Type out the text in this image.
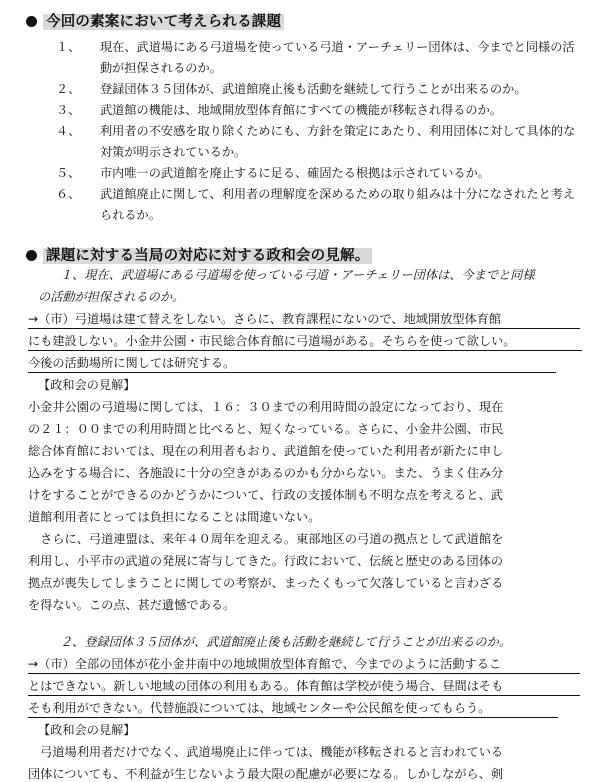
今回の素案において考えられる課題
１、 現在、武道場にある弓道場を使っている弓道・アーチェリー団体は、今までと同様の活動が担保されるのか。
２、 登録団体３５団体が、武道館廃止後も活動を継続して行うことが出来るのか。
３、 武道館の機能は、地域開放型体育館にすべての機能が移転され得るのか。
４、 利用者の不安感を取り除くためにも、方針を策定にあたり、利用団体に対して具体的な対策が明示されているか。
５、 市内唯一の武道館を廃止するに足る、確固たる根拠は示されているか。
６、 武道館廃止に関して、利用者の理解度を深めるための取り組みは十分になされたと考えられるか。
課題に対する当局の対応に対する政和会の見解。
１、現在、武道場にある弓道場を使っている弓道・アーチェリー団体は、今までと同様
の活動が担保されるのか。
→（市）弓道場は建て替えをしない。さらに、教育課程にないので、地域開放型体育館
にも建設しない。小金井公園・市民総合体育館に弓道場がある。そちらを使って欲しい。
今後の活動場所に関しては研究する。
【政和会の見解】
小金井公園の弓道場に関しては、１６：３０までの利用時間の設定になっており、現在
の２１：００までの利用時間と比べると、短くなっている。さらに、小金井公園、市民
総合体育館においては、現在の利用者もおり、武道館を使っていた利用者が新たに申し
込みをする場合に、各施設に十分の空きがあるのかも分からない。また、うまく住み分
けをすることができるのかどうかについて、行政の支援体制も不明な点を考えると、武
道館利用者にとっては負担になることは間違いない。
　さらに、弓道連盟は、来年４０周年を迎える。東部地区の弓道の拠点として武道館を
利用し、小平市の武道の発展に寄与してきた。行政において、伝統と歴史のある団体の
拠点が喪失してしまうことに関しての考察が、まったくもって欠落していると言わざる
を得ない。この点、甚だ遺憾である。
２、登録団体３５団体が、武道館廃止後も活動を継続して行うことが出来るのか。
→（市）全部の団体が花小金井南中の地域開放型体育館で、今までのように活動するこ
とはできない。新しい地域の団体の利用もある。体育館は学校が使う場合、昼間はそも
そも利用ができない。代替施設については、地域センターや公民館を使ってもらう。
【政和会の見解】
　弓道場利用者だけでなく、武道場廃止に伴っては、機能が移転されると言われている
団体についても、不利益が生じないよう最大限の配慮が必要になる。しかしながら、剣
